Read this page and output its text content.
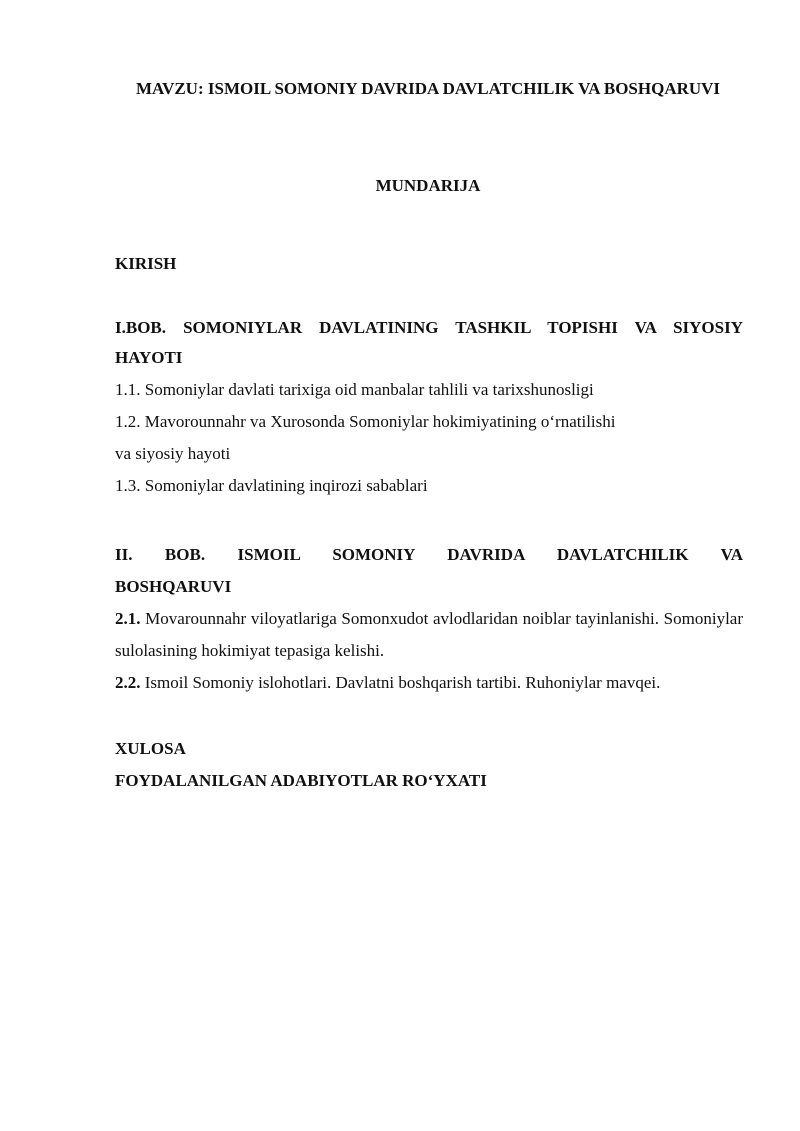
MAVZU: ISMOIL SOMONIY DAVRIDA DAVLATCHILIK VA BOSHQARUVI

MUNDARIJA

KIRISH
I.BOB. SOMONIYLAR DAVLATINING TASHKIL TOPISHI VA SIYOSIY
HAYOTI
1.1. Somoniylar davlati tarixiga oid manbalar tahlili va tarixshunosligi
1.2. Mavorounnahr va Xurosonda Somoniylar hokimiyatining o‘rnatilishi
va siyosiy hayoti
1.3. Somoniylar davlatining inqirozi sabablari
II. BOB. ISMOIL SOMONIY DAVRIDA DAVLATCHILIK VA
BOSHQARUVI

2.1. Movarounnahr viloyatlariga Somonxudot avlodlaridan noiblar tayinlanishi. Somoniylar sulolasining hokimiyat tepasiga kelishi.

2.2. Ismoil Somoniy islohotlari. Davlatni boshqarish tartibi. Ruhoniylar mavqei.

XULOSA
FOYDALANILGAN ADABIYOTLAR RO‘YXATI
